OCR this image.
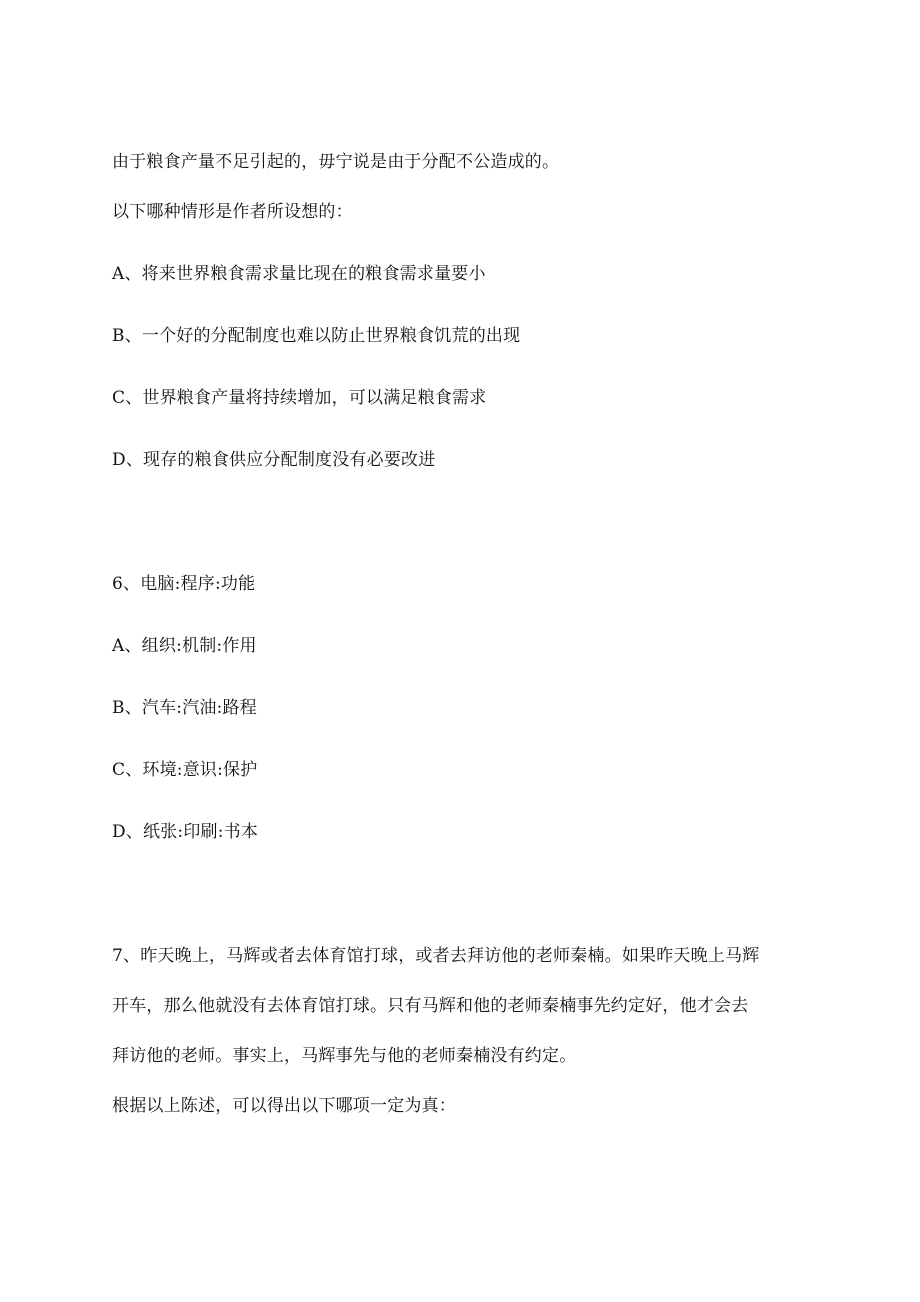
由于粮食产量不足引起的，毋宁说是由于分配不公造成的。
以下哪种情形是作者所设想的：
A、将来世界粮食需求量比现在的粮食需求量要小
B、一个好的分配制度也难以防止世界粮食饥荒的出现
C、世界粮食产量将持续增加，可以满足粮食需求
D、现存的粮食供应分配制度没有必要改进
6、电脑:程序:功能
A、组织:机制:作用
B、汽车:汽油:路程
C、环境:意识:保护
D、纸张:印刷:书本
7、昨天晚上，马辉或者去体育馆打球，或者去拜访他的老师秦楠。如果昨天晚上马辉
开车，那么他就没有去体育馆打球。只有马辉和他的老师秦楠事先约定好，他才会去
拜访他的老师。事实上，马辉事先与他的老师秦楠没有约定。
根据以上陈述，可以得出以下哪项一定为真：
